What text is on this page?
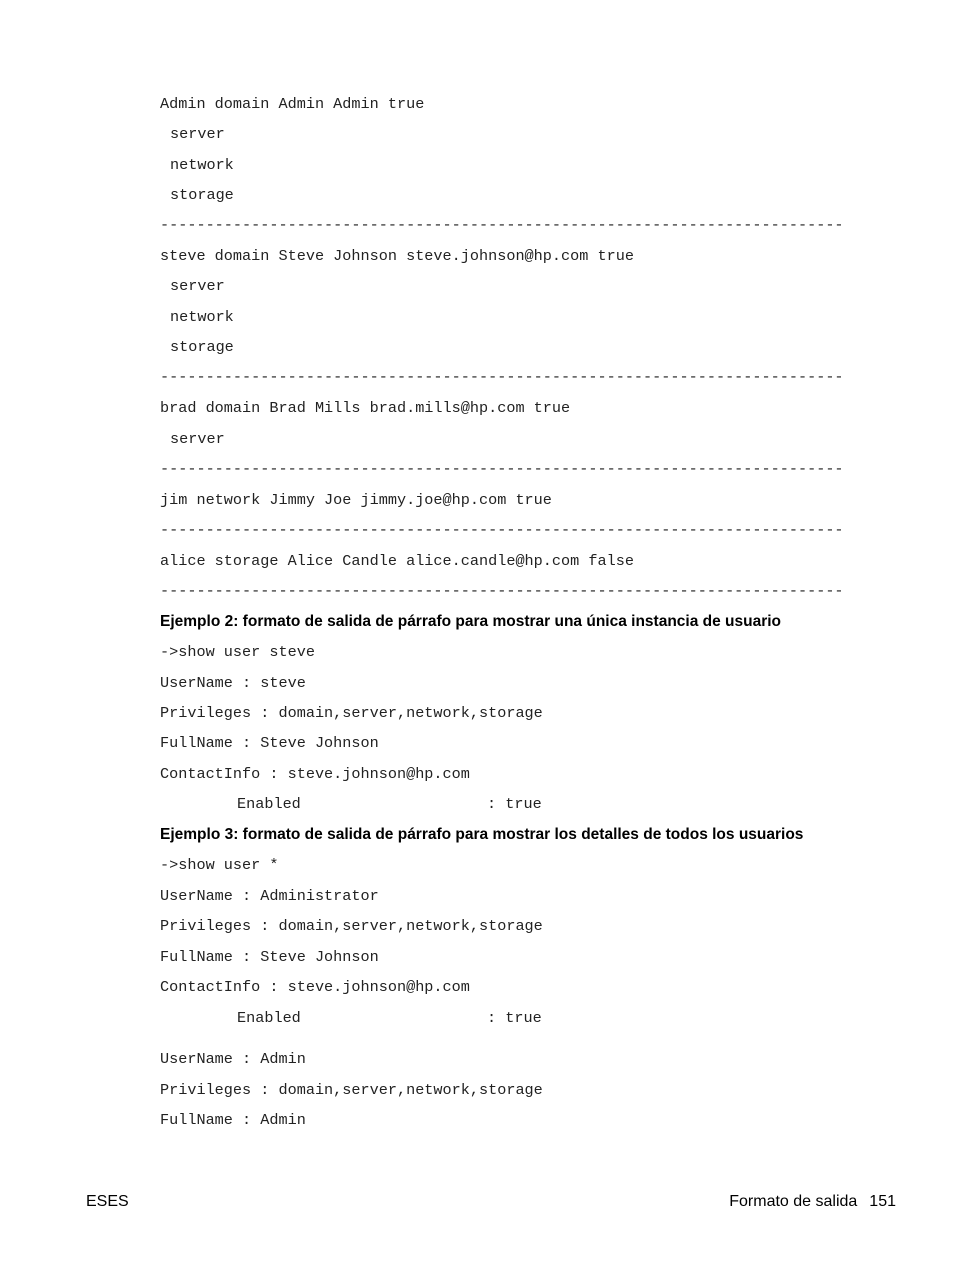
Admin domain Admin Admin true
server
network
storage
---------------------------------------------------------------------------
steve domain Steve Johnson steve.johnson@hp.com true
server
network
storage
---------------------------------------------------------------------------
brad domain Brad Mills brad.mills@hp.com true
server
---------------------------------------------------------------------------
jim network Jimmy Joe jimmy.joe@hp.com true
---------------------------------------------------------------------------
alice storage Alice Candle alice.candle@hp.com false
---------------------------------------------------------------------------
Ejemplo 2: formato de salida de párrafo para mostrar una única instancia de usuario
->show user steve
UserName : steve
Privileges : domain,server,network,storage
FullName : Steve Johnson
ContactInfo : steve.johnson@hp.com
Enabled	: true
Ejemplo 3: formato de salida de párrafo para mostrar los detalles de todos los usuarios
->show user *
UserName : Administrator
Privileges : domain,server,network,storage
FullName : Steve Johnson
ContactInfo : steve.johnson@hp.com
Enabled	: true
UserName : Admin
Privileges : domain,server,network,storage
FullName : Admin
ESES	Formato de salida 151
